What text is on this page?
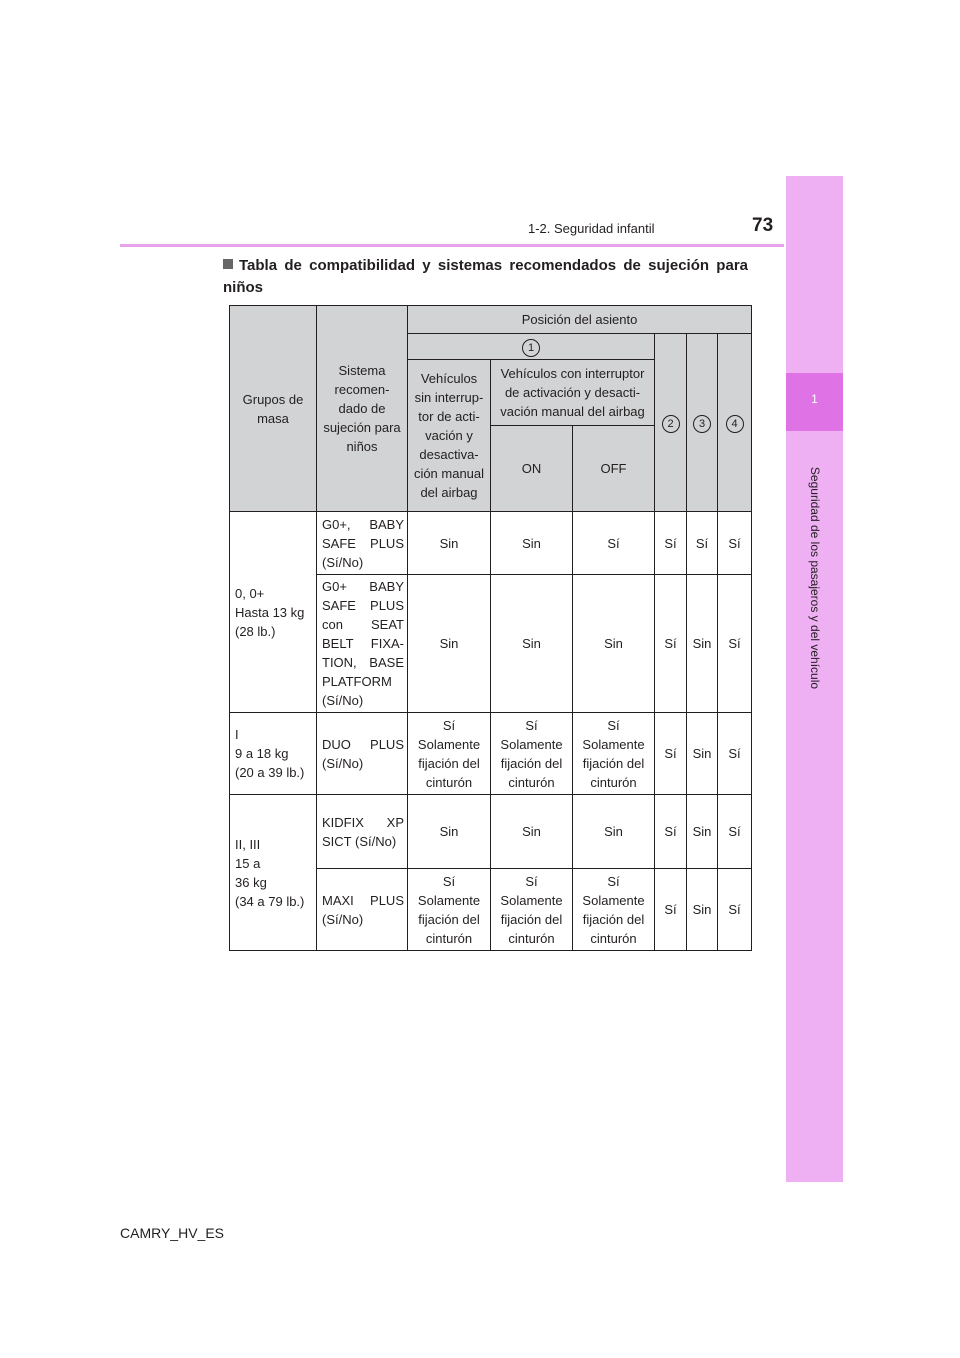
1
Seguridad de los pasajeros y del vehículo
1-2. Seguridad infantil	73
Tabla de compatibilidad y sistemas recomendados de sujeción para niños
Grupos de masa	Sistema recomen- dado de sujeción para niños	Posición del asiento					
		1			2	3	4
		Vehículos sin interrup- tor de acti- vación y desactiva- ción manual del airbag	Vehículos con interruptor de activación y desacti- vación manual del airbag				
			ON	OFF			
0, 0+
Hasta 13 kg
(28 lb.)	G0+, BABY SAFE PLUS (Sí/No)	Sin	Sin	Sí	Sí	Sí	Sí
	G0+ BABY SAFE PLUS con SEAT BELT FIXA- TION, BASE PLATFORM (Sí/No)	Sin	Sin	Sin	Sí	Sin	Sí
I
9 a 18 kg
(20 a 39 lb.)	DUO PLUS (Sí/No)	Sí
Solamente fijación del cinturón	Sí
Solamente fijación del cinturón	Sí
Solamente fijación del cinturón	Sí	Sin	Sí
II, III
15 a
36 kg
(34 a 79 lb.)	KIDFIX XP SICT (Sí/No)	Sin	Sin	Sin	Sí	Sin	Sí
	MAXI PLUS (Sí/No)	Sí
Solamente fijación del cinturón	Sí
Solamente fijación del cinturón	Sí
Solamente fijación del cinturón	Sí	Sin	Sí
CAMRY_HV_ES
